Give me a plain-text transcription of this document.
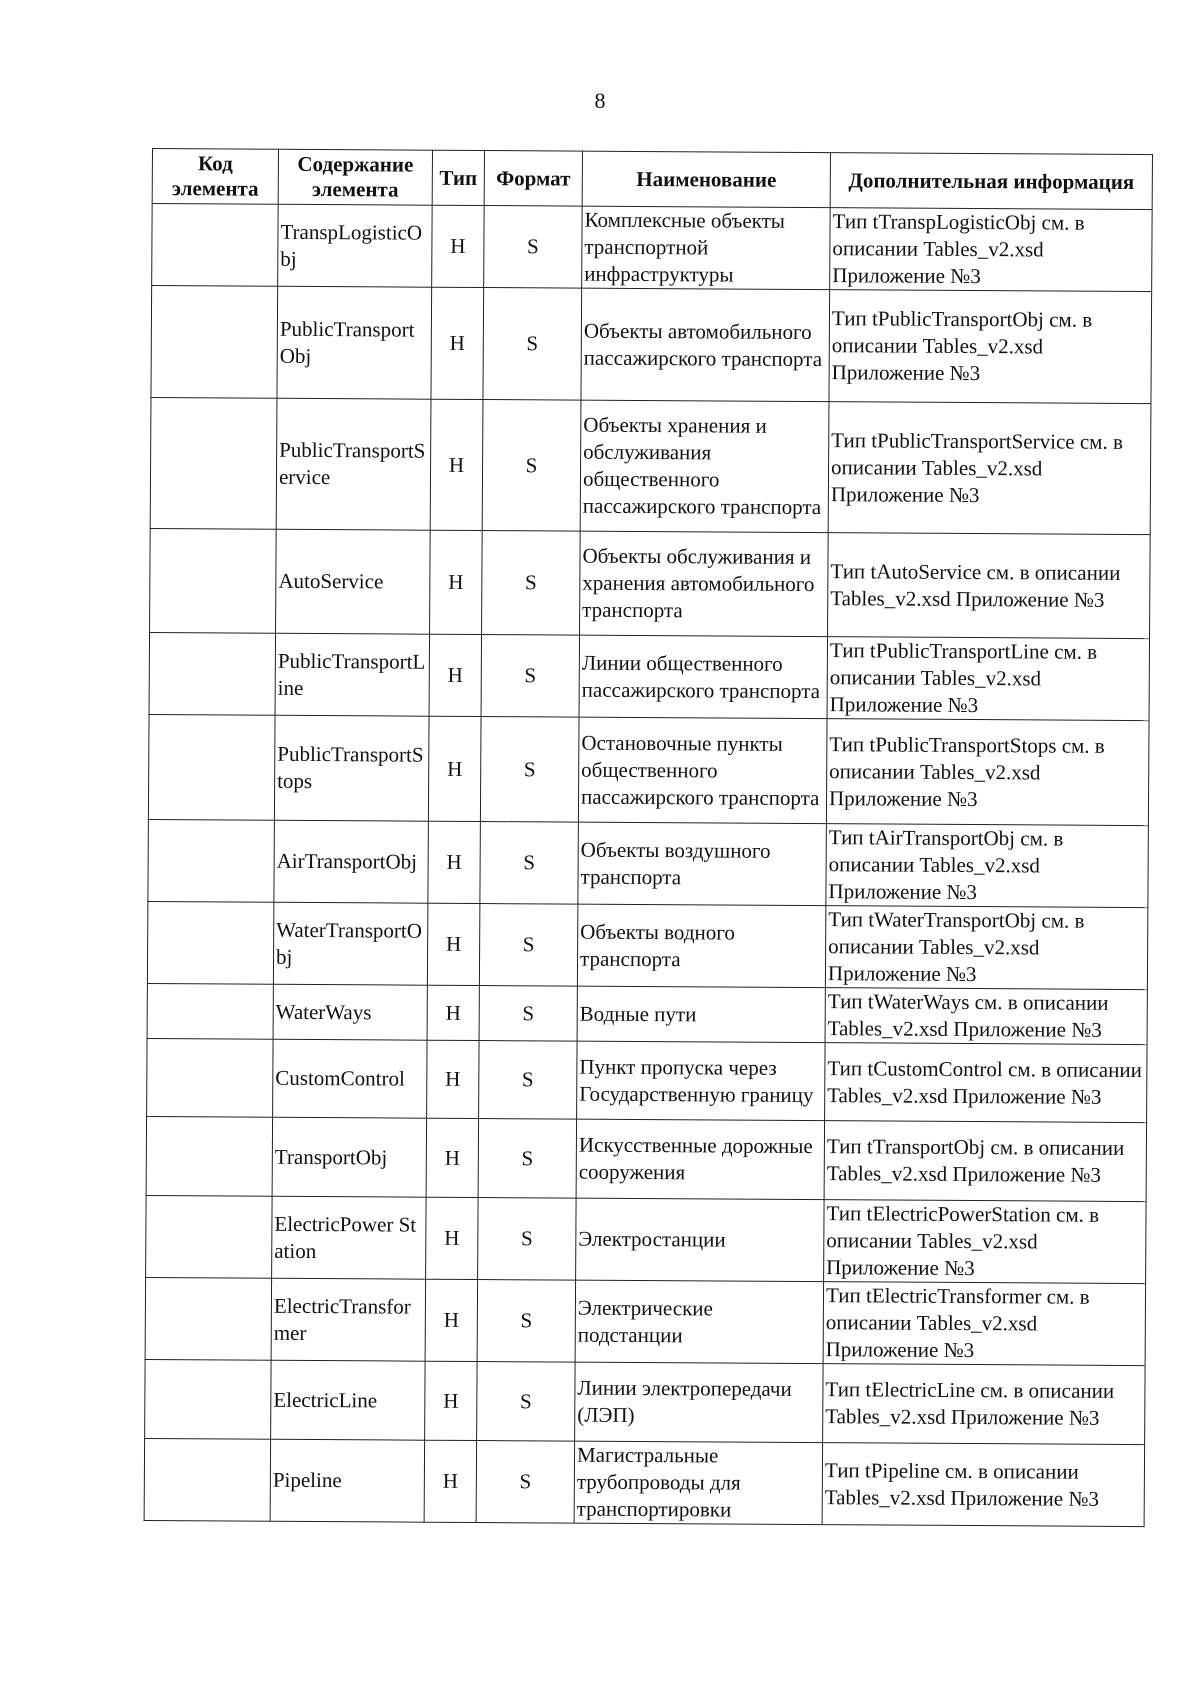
8
Код элемента	Содержание элемента	Тип	Формат	Наименование	Дополнительная информация
	TranspLogisticObj	Н	S	Комплексные объекты транспортной инфраструктуры	Тип tTranspLogisticObj см. в описании Tables_v2.xsd Приложение №3
	PublicTransportObj	Н	S	Объекты автомобильного пассажирского транспорта	Тип tPublicTransportObj см. в описании Tables_v2.xsd Приложение №3
	PublicTransportService	Н	S	Объекты хранения и обслуживания общественного пассажирского транспорта	Тип tPublicTransportService см. в описании Tables_v2.xsd Приложение №3
	AutoService	Н	S	Объекты обслуживания и хранения автомобильного транспорта	Тип tAutoService см. в описании Tables_v2.xsd Приложение №3
	PublicTransportLine	Н	S	Линии общественного пассажирского транспорта	Тип tPublicTransportLine см. в описании Tables_v2.xsd Приложение №3
	PublicTransportStops	Н	S	Остановочные пункты общественного пассажирского транспорта	Тип tPublicTransportStops см. в описании Tables_v2.xsd Приложение №3
	AirTransportObj	Н	S	Объекты воздушного транспорта	Тип tAirTransportObj см. в описании Tables_v2.xsd Приложение №3
	WaterTransportObj	Н	S	Объекты водного транспорта	Тип tWaterTransportObj см. в описании Tables_v2.xsd Приложение №3
	WaterWays	Н	S	Водные пути	Тип tWaterWays см. в описании Tables_v2.xsd Приложение №3
	CustomControl	Н	S	Пункт пропуска через Государственную границу	Тип tCustomControl см. в описании Tables_v2.xsd Приложение №3
	TransportObj	Н	S	Искусственные дорожные сооружения	Тип tTransportObj см. в описании Tables_v2.xsd Приложение №3
	ElectricPower Station	Н	S	Электростанции	Тип tElectricPowerStation см. в описании Tables_v2.xsd Приложение №3
	ElectricTransformer	Н	S	Электрические подстанции	Тип tElectricTransformer см. в описании Tables_v2.xsd Приложение №3
	ElectricLine	Н	S	Линии электропередачи (ЛЭП)	Тип tElectricLine см. в описании Tables_v2.xsd Приложение №3
	Pipeline	Н	S	Магистральные трубопроводы для транспортировки	Тип tPipeline см. в описании Tables_v2.xsd Приложение №3
